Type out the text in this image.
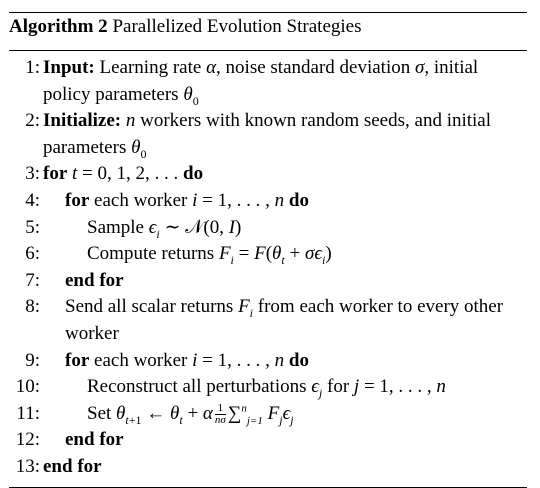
Algorithm 2 Parallelized Evolution Strategies
1: Input: Learning rate α, noise standard deviation σ, initial policy parameters $\theta_0$
2: Initialize: n workers with known random seeds, and initial parameters $\theta_0$
3: for t = 0, 1, 2, . . . do
4:	for each worker i = 1, . . . , n do
5:	Sample $\epsilon_i$ ∼ 𝒩(0, I)
6:	Compute returns $F_i = F(\theta_t + \sigma\epsilon_i)$
7:	end for
8:	Send all scalar returns $F_i$ from each worker to every other worker
9:	for each worker i = 1, . . . , n do
10:	Reconstruct all perturbations $\epsilon_j$ for j = 1, . . . , n
11:	Set $\theta_{t+1}$ ← $\theta_t + \alpha \frac{1}{n\sigma} \sum^n_{j=1}$ $F_j\epsilon_j$
12:	end for
13: end for
